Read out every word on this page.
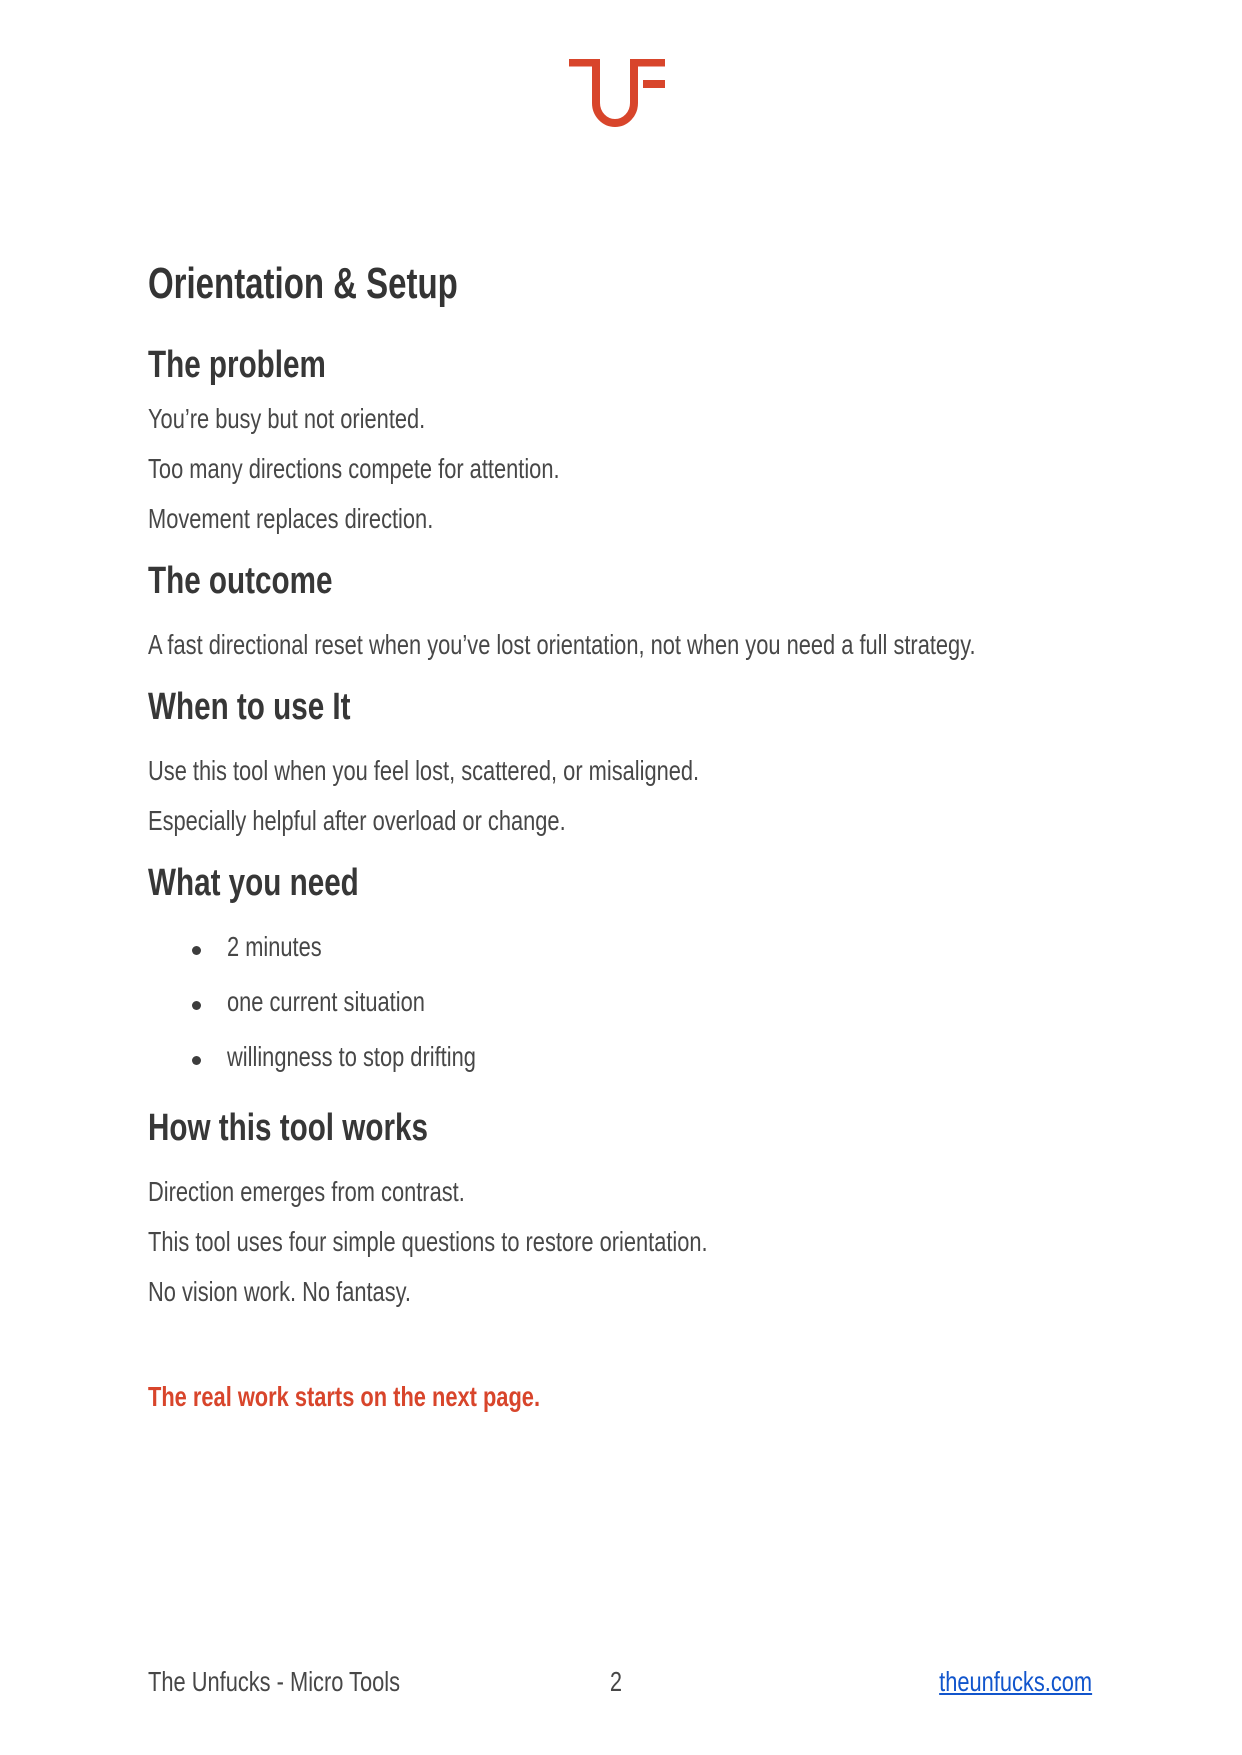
Orientation & Setup
The problem
You’re busy but not oriented.
Too many directions compete for attention.
Movement replaces direction.
The outcome
A fast directional reset when you’ve lost orientation, not when you need a full strategy.
When to use It
Use this tool when you feel lost, scattered, or misaligned.
Especially helpful after overload or change.
What you need
2 minutes
one current situation
willingness to stop drifting
How this tool works
Direction emerges from contrast.
This tool uses four simple questions to restore orientation.
No vision work. No fantasy.
The real work starts on the next page.
The Unfucks - Micro Tools	2	theunfucks.com
